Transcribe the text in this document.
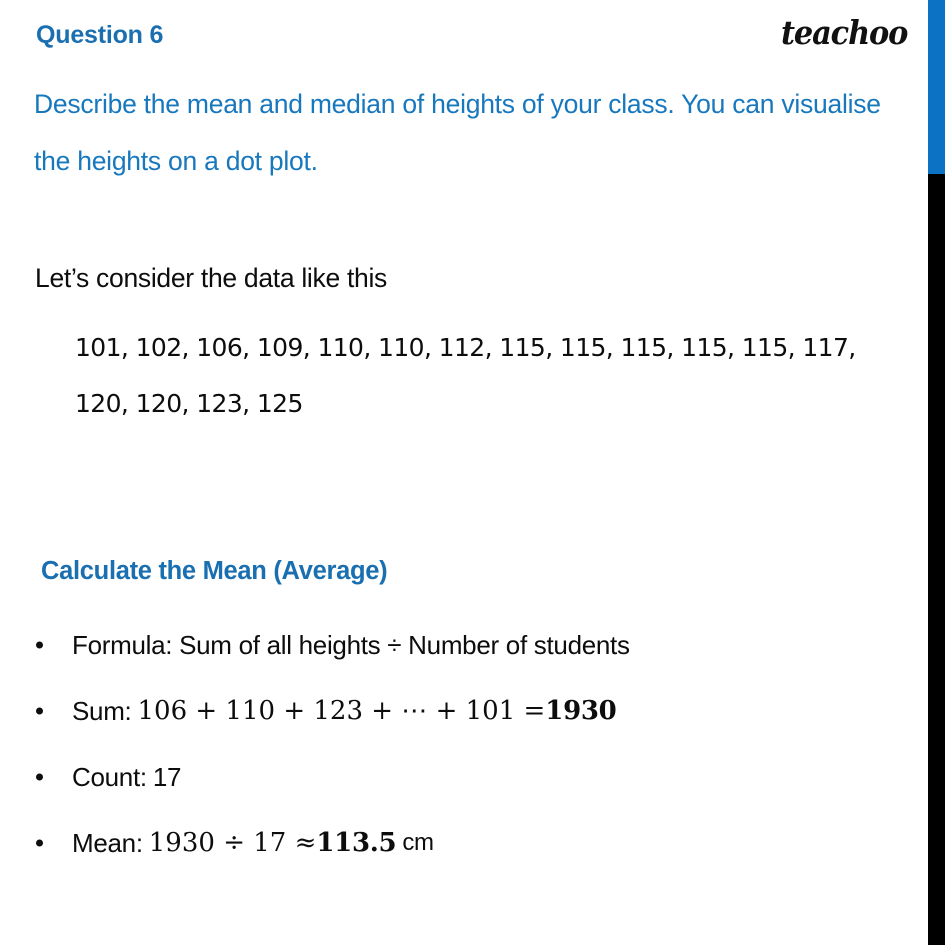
Question 6	teachoo
Describe the mean and median of heights of your class. You can visualise the heights on a dot plot.
Let’s consider the data like this
101, 102, 106, 109, 110, 110, 112, 115, 115, 115, 115, 115, 117, 120, 120, 123, 125
Calculate the Mean (Average)
Formula: Sum of all heights ÷ Number of students
Sum: 106 + 110 + 123 + ⋯ + 101 = 1930
Count: 17
Mean: 1930 ÷ 17 ≈ 113.5 cm
